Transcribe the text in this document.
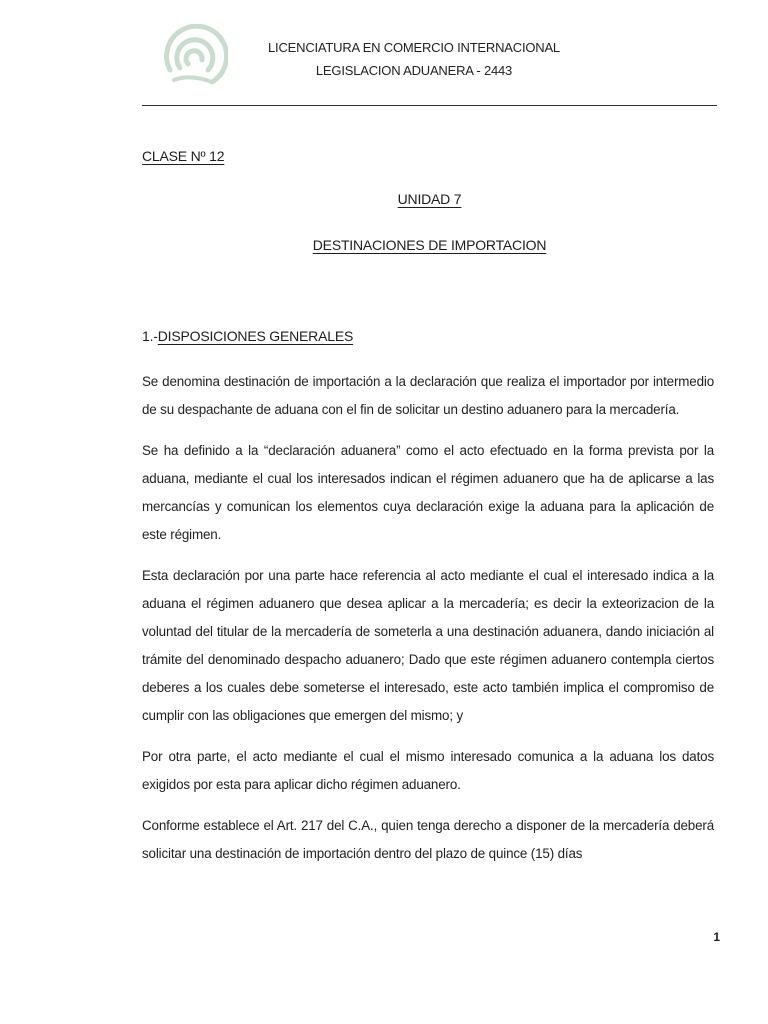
LICENCIATURA EN COMERCIO INTERNACIONAL
LEGISLACION ADUANERA - 2443
CLASE Nº 12
UNIDAD 7
DESTINACIONES DE IMPORTACION
1.-DISPOSICIONES GENERALES

Se denomina destinación de importación a la declaración que realiza el importador por intermedio de su despachante de aduana con el fin de solicitar un destino aduanero para la mercadería.

Se ha definido a la “declaración aduanera” como el acto efectuado en la forma prevista por la aduana, mediante el cual los interesados indican el régimen aduanero que ha de aplicarse a las mercancías y comunican los elementos cuya declaración exige la aduana para la aplicación de este régimen.

Esta declaración por una parte hace referencia al acto mediante el cual el interesado indica a la aduana el régimen aduanero que desea aplicar a la mercadería; es decir la exteorizacion de la voluntad del titular de la mercadería de someterla a una destinación aduanera, dando iniciación al trámite del denominado despacho aduanero; Dado que este régimen aduanero contempla ciertos deberes a los cuales debe someterse el interesado, este acto también implica el compromiso de cumplir con las obligaciones que emergen del mismo; y

Por otra parte, el acto mediante el cual el mismo interesado comunica a la aduana los datos exigidos por esta para aplicar dicho régimen aduanero.

Conforme establece el Art. 217 del C.A., quien tenga derecho a disponer de la mercadería deberá solicitar una destinación de importación dentro del plazo de quince (15) días

1
